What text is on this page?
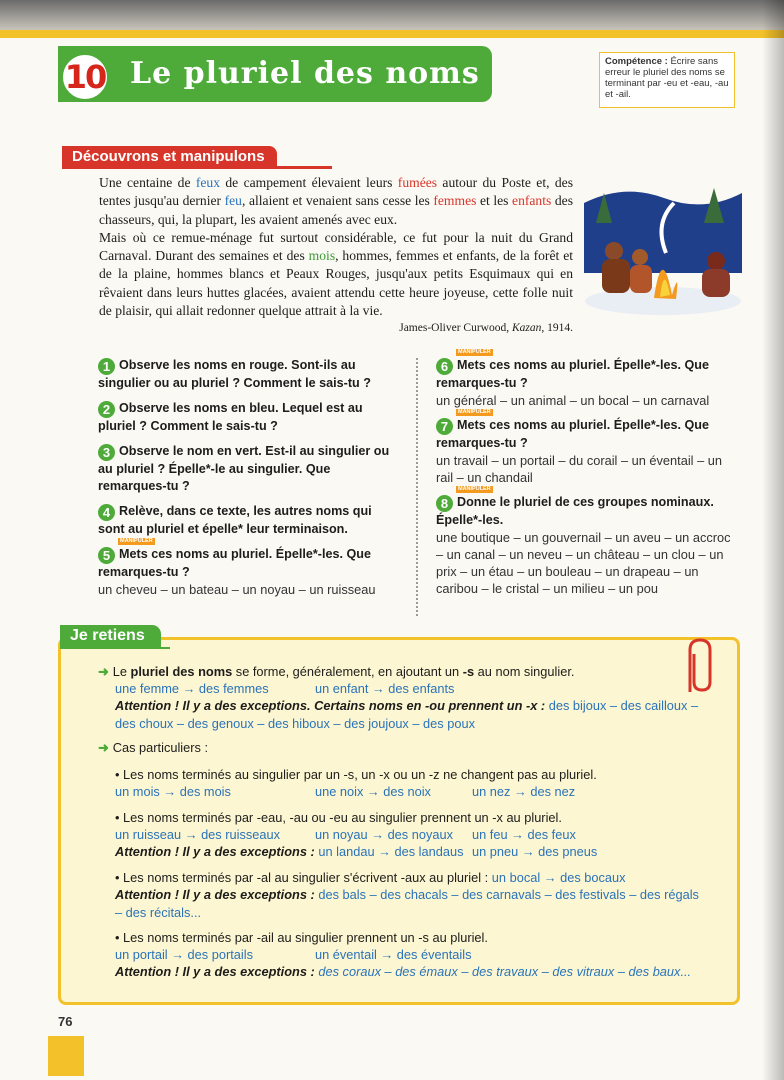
10 Le pluriel des noms	Compétence : Écrire sans erreur le pluriel des noms se terminant par -eu et -eau, -au et -ail.
Découvrons et manipulons

Une centaine de feux de campement élevaient leurs fumées autour du Poste et, des tentes jusqu'au dernier feu, allaient et venaient sans cesse les femmes et les enfants des chasseurs, qui, la plupart, les avaient amenés avec eux.

Mais où ce remue-ménage fut surtout considérable, ce fut pour la nuit du Grand Carnaval. Durant des semaines et des mois, hommes, femmes et enfants, de la forêt et de la plaine, hommes blancs et Peaux Rouges, jusqu'aux petits Esquimaux qui en rêvaient dans leurs huttes glacées, avaient attendu cette heure joyeuse, cette folle nuit de plaisir, qui allait redonner quelque attrait à la vie.

James-Oliver Curwood, Kazan, 1914.
1 Observe les noms en rouge. Sont-ils au singulier ou au pluriel ? Comment le sais-tu ?
2 Observe les noms en bleu. Lequel est au pluriel ? Comment le sais-tu ?
3 Observe le nom en vert. Est-il au singulier ou au pluriel ? Épelle*-le au singulier. Que remarques-tu ?
4 Relève, dans ce texte, les autres noms qui sont au pluriel et épelle* leur terminaison.
MANIPULER
5 Mets ces noms au pluriel. Épelle*-les. Que remarques-tu ?
un cheveu – un bateau – un noyau – un ruisseau
MANIPULER
6 Mets ces noms au pluriel. Épelle*-les. Que remarques-tu ?
un général – un animal – un bocal – un carnaval
MANIPULER
7 Mets ces noms au pluriel. Épelle*-les. Que remarques-tu ?
un travail – un portail – du corail – un éventail – un rail – un chandail
MANIPULER
8 Donne le pluriel de ces groupes nominaux. Épelle*-les.
une boutique – un gouvernail – un aveu – un accroc – un canal – un neveu – un château – un clou – un prix – un étau – un bouleau – un drapeau – un caribou – le cristal – un milieu – un pou
Je retiens
➜ Le pluriel des noms se forme, généralement, en ajoutant un -s au nom singulier.
une femme → des femmes	un enfant → des enfants
Attention ! Il y a des exceptions. Certains noms en -ou prennent un -x : des bijoux – des cailloux – des choux – des genoux – des hiboux – des joujoux – des poux
➜ Cas particuliers :
• Les noms terminés au singulier par un -s, un -x ou un -z ne changent pas au pluriel.
un mois → des mois	une noix → des noix	un nez → des nez
• Les noms terminés par -eau, -au ou -eu au singulier prennent un -x au pluriel.
un ruisseau → des ruisseaux	un noyau → des noyaux un feu → des feux
Attention ! Il y a des exceptions : un landau → des landaus un pneu → des pneus
• Les noms terminés par -al au singulier s'écrivent -aux au pluriel : un bocal → des bocaux
Attention ! Il y a des exceptions : des bals – des chacals – des carnavals – des festivals – des régals – des récitals...
• Les noms terminés par -ail au singulier prennent un -s au pluriel.
un portail → des portails	un éventail → des éventails
Attention ! Il y a des exceptions : des coraux – des émaux – des travaux – des vitraux – des baux...
76
